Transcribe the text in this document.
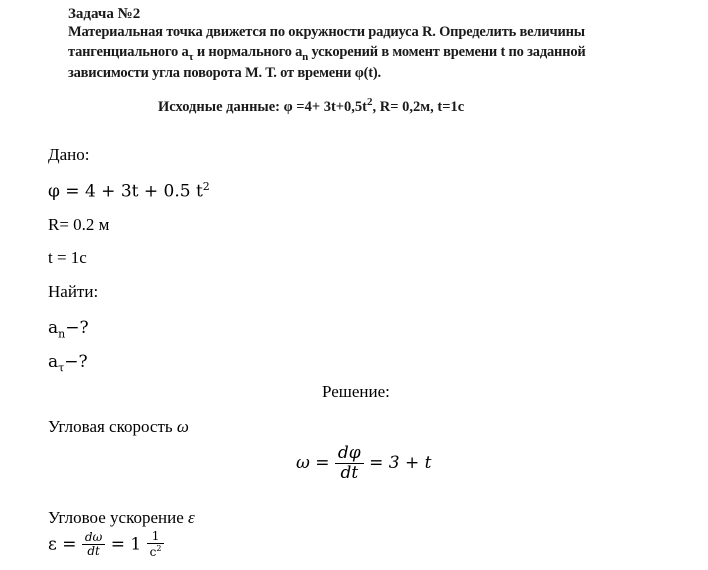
Задача №2
Материальная точка движется по окружности радиуса R. Определить величины
тангенциального $a_\tau$ и нормального $a_n$ ускорений в момент времени t по заданной
зависимости угла поворота М. Т. от времени φ(t).
Исходные данные: $\varphi =4+ 3t+0,5t^2$, R= 0,2м, t=1с
Дано:
φ = 4 + 3t + 0.5 $t^2$
R= 0.2 м
t = 1c
Найти:
$a_n-$?
$a_\tau-$?
Решение:
Угловая скорость ω
$\omega = \frac{d\varphi}{dt} = 3 + t$
Угловое ускорение ε
$\varepsilon = \frac{d\omega}{dt} = 1 \frac{1}{c^2}$
